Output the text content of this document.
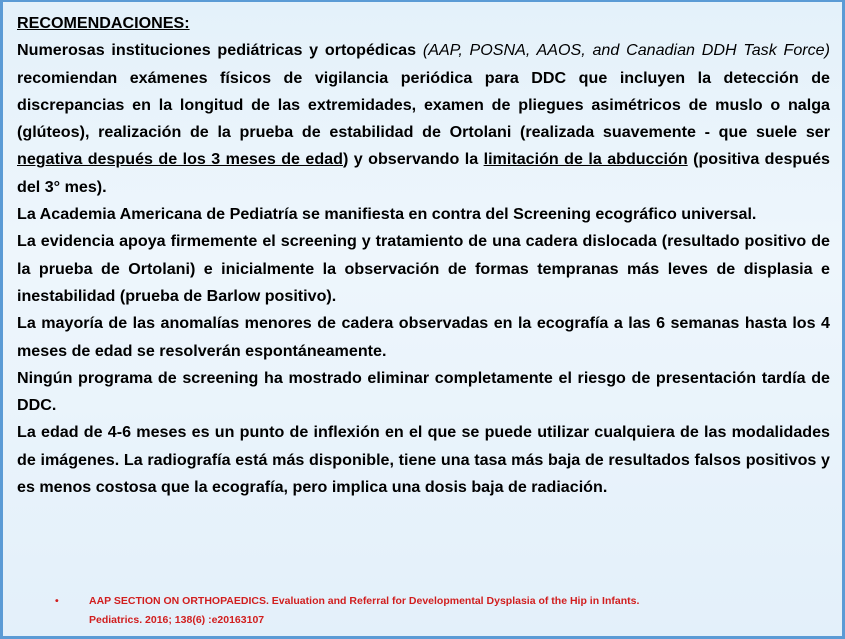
RECOMENDACIONES:

Numerosas instituciones pediátricas y ortopédicas (AAP, POSNA, AAOS, and Canadian DDH Task Force) recomiendan exámenes físicos de vigilancia periódica para DDC que incluyen la detección de discrepancias en la longitud de las extremidades, examen de pliegues asimétricos de muslo o nalga (glúteos), realización de la prueba de estabilidad de Ortolani (realizada suavemente - que suele ser negativa después de los 3 meses de edad) y observando la limitación de la abducción (positiva después del 3° mes).

La Academia Americana de Pediatría se manifiesta en contra del Screening ecográfico universal.

La evidencia apoya firmemente el screening y tratamiento de una cadera dislocada (resultado positivo de la prueba de Ortolani) e inicialmente la observación de formas tempranas más leves de displasia e inestabilidad (prueba de Barlow positivo).

La mayoría de las anomalías menores de cadera observadas en la ecografía a las 6 semanas hasta los 4 meses de edad se resolverán espontáneamente.

Ningún programa de screening ha mostrado eliminar completamente el riesgo de presentación tardía de DDC.

La edad de 4-6 meses es un punto de inflexión en el que se puede utilizar cualquiera de las modalidades de imágenes. La radiografía está más disponible, tiene una tasa más baja de resultados falsos positivos y es menos costosa que la ecografía, pero implica una dosis baja de radiación.

•	AAP SECTION ON ORTHOPAEDICS. Evaluation and Referral for Developmental Dysplasia of the Hip in Infants.
Pediatrics. 2016; 138(6) :e20163107
